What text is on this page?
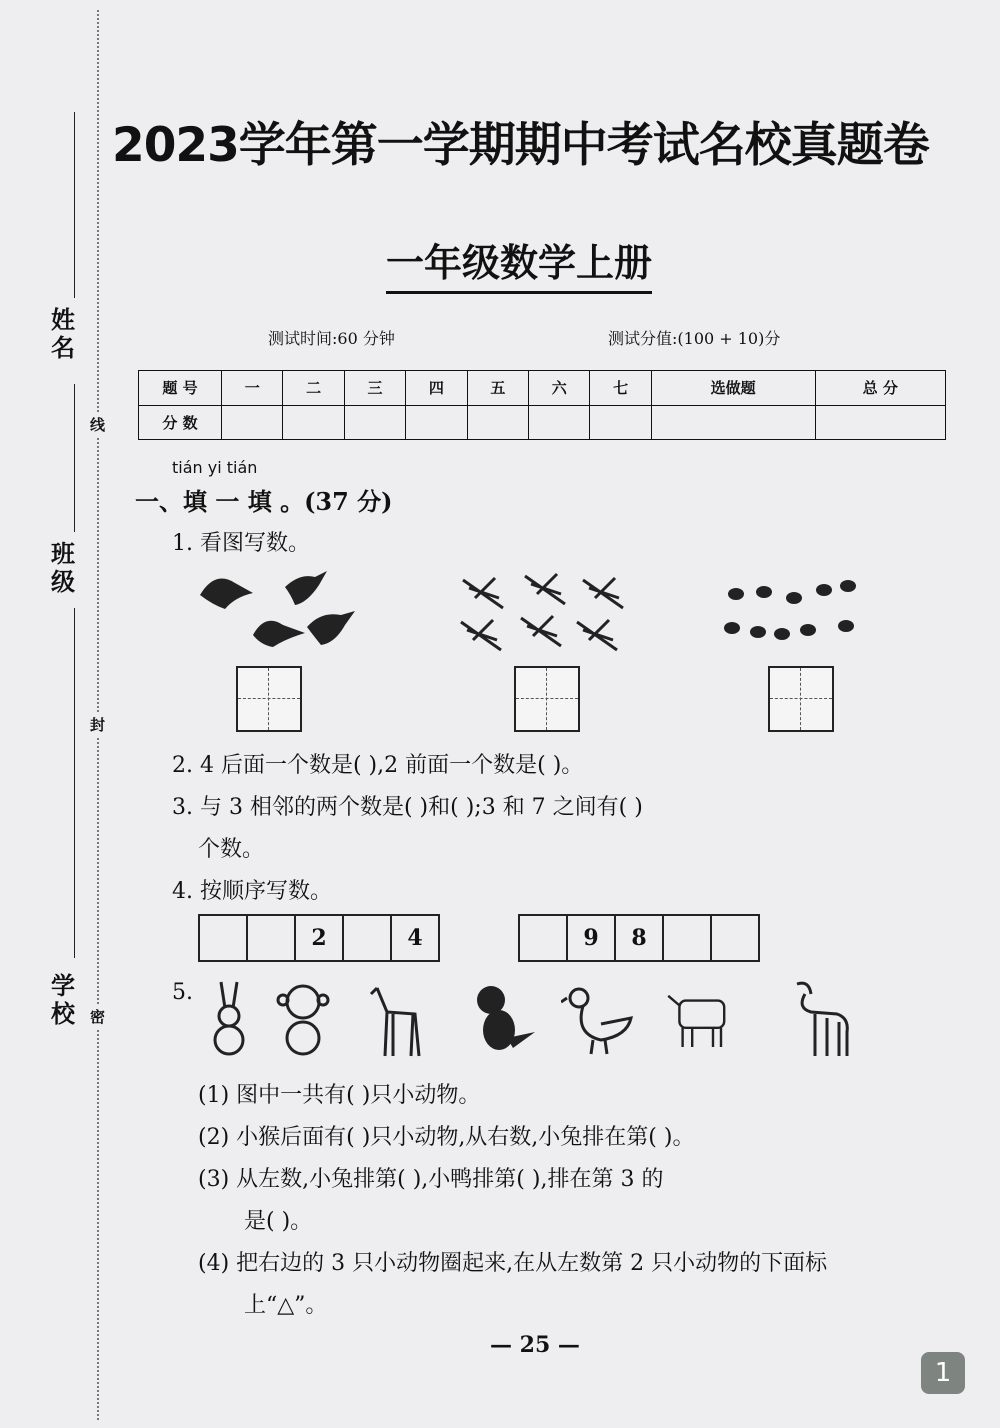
姓名
班级
学校
线
封
密
2023学年第一学期期中考试名校真题卷
一年级数学上册
测试时间:60 分钟	测试分值:(100 + 10)分
题 号	一	二	三	四	五	六	七	选做题	总 分
分 数									
tián yi tián
一、填 一 填 。(37 分)
1. 看图写数。
2. 4 后面一个数是( ),2 前面一个数是( )。
3. 与 3 相邻的两个数是( )和( );3 和 7 之间有( )
个数。
4. 按顺序写数。
2	4	9	8
5.
(1) 图中一共有( )只小动物。
(2) 小猴后面有( )只小动物,从右数,小兔排在第( )。
(3) 从左数,小兔排第( ),小鸭排第( ),排在第 3 的
是( )。
(4) 把右边的 3 只小动物圈起来,在从左数第 2 只小动物的下面标
上“△”。
— 25 —
1
